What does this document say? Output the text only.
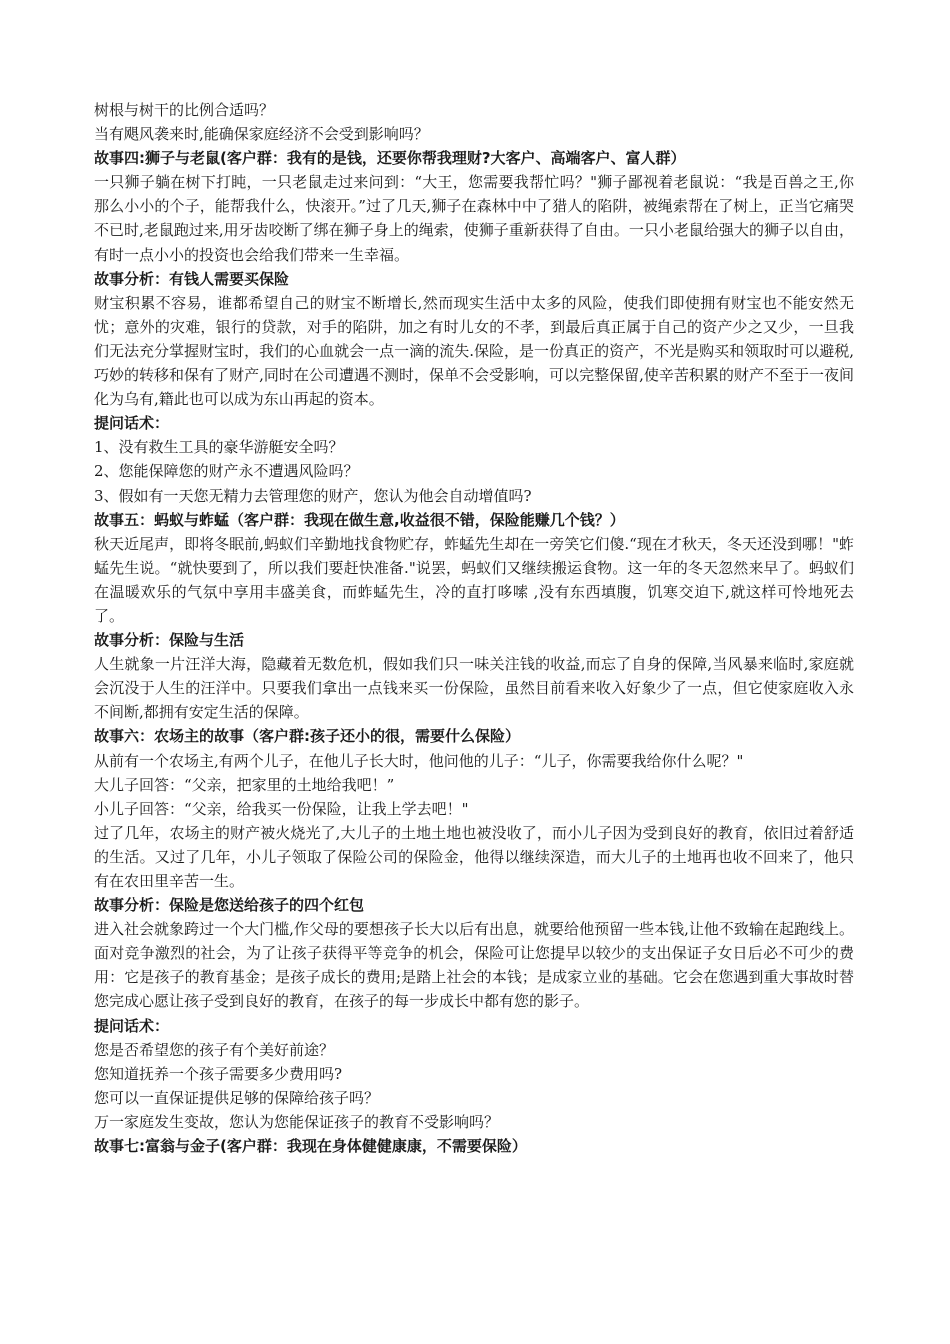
树根与树干的比例合适吗？

当有飓风袭来时,能确保家庭经济不会受到影响吗？

故事四:狮子与老鼠(客户群：我有的是钱，还要你帮我理财?大客户、高端客户、富人群）

一只狮子躺在树下打盹，一只老鼠走过来问到：“大王，您需要我帮忙吗？"狮子鄙视着老鼠说：“我是百兽之王,你那么小小的个子，能帮我什么，快滚开。”过了几天,狮子在森林中中了猎人的陷阱，被绳索帮在了树上，正当它痛哭不已时,老鼠跑过来,用牙齿咬断了绑在狮子身上的绳索，使狮子重新获得了自由。一只小老鼠给强大的狮子以自由，有时一点小小的投资也会给我们带来一生幸福。

故事分析：有钱人需要买保险

财宝积累不容易，谁都希望自己的财宝不断增长,然而现实生活中太多的风险，使我们即使拥有财宝也不能安然无忧；意外的灾难，银行的贷款，对手的陷阱，加之有时儿女的不孝，到最后真正属于自己的资产少之又少，一旦我们无法充分掌握财宝时，我们的心血就会一点一滴的流失.保险，是一份真正的资产，不光是购买和领取时可以避税,巧妙的转移和保有了财产,同时在公司遭遇不测时，保单不会受影响，可以完整保留,使辛苦积累的财产不至于一夜间化为乌有,籍此也可以成为东山再起的资本。

提问话术：

1、没有救生工具的豪华游艇安全吗？

2、您能保障您的财产永不遭遇风险吗？

3、假如有一天您无精力去管理您的财产，您认为他会自动增值吗?

故事五：蚂蚁与蚱蜢（客户群：我现在做生意,收益很不错，保险能赚几个钱？）

秋天近尾声，即将冬眠前,蚂蚁们辛勤地找食物贮存，蚱蜢先生却在一旁笑它们傻.“现在才秋天，冬天还没到哪！"蚱蜢先生说。“就快要到了，所以我们要赶快准备."说罢，蚂蚁们又继续搬运食物。这一年的冬天忽然来早了。蚂蚁们在温暖欢乐的气氛中享用丰盛美食，而蚱蜢先生，冷的直打哆嗦 ,没有东西填腹，饥寒交迫下,就这样可怜地死去了。

故事分析：保险与生活

人生就象一片汪洋大海，隐藏着无数危机，假如我们只一味关注钱的收益,而忘了自身的保障,当风暴来临时,家庭就会沉没于人生的汪洋中。只要我们拿出一点钱来买一份保险，虽然目前看来收入好象少了一点，但它使家庭收入永不间断,都拥有安定生活的保障。

故事六：农场主的故事（客户群:孩子还小的很，需要什么保险）

从前有一个农场主,有两个儿子，在他儿子长大时，他问他的儿子：“儿子，你需要我给你什么呢？"

大儿子回答：“父亲，把家里的土地给我吧！”

小儿子回答：“父亲，给我买一份保险，让我上学去吧！"

过了几年，农场主的财产被火烧光了,大儿子的土地土地也被没收了，而小儿子因为受到良好的教育，依旧过着舒适的生活。又过了几年，小儿子领取了保险公司的保险金，他得以继续深造，而大儿子的土地再也收不回来了，他只有在农田里辛苦一生。

故事分析：保险是您送给孩子的四个红包

进入社会就象跨过一个大门槛,作父母的要想孩子长大以后有出息，就要给他预留一些本钱,让他不致输在起跑线上。面对竞争激烈的社会，为了让孩子获得平等竞争的机会，保险可让您提早以较少的支出保证子女日后必不可少的费用：它是孩子的教育基金；是孩子成长的费用;是踏上社会的本钱；是成家立业的基础。它会在您遇到重大事故时替您完成心愿让孩子受到良好的教育，在孩子的每一步成长中都有您的影子。

提问话术：

您是否希望您的孩子有个美好前途？

您知道抚养一个孩子需要多少费用吗?

您可以一直保证提供足够的保障给孩子吗？

万一家庭发生变故，您认为您能保证孩子的教育不受影响吗？

故事七:富翁与金子(客户群：我现在身体健健康康，不需要保险）
